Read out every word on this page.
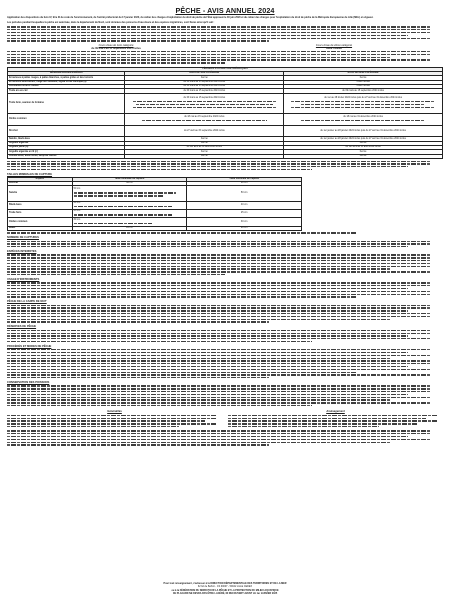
PÊCHE - AVIS ANNUEL 2024
Application des dispositions du livre IV, titre III du code de l'environnement, de l'arrêté préfectoral du 17 janvier 2020, du cahier des charges d'exploitation du droit de pêche de l'État approuvé le 30 juin 2020 et du cahier des charges pour l'exploitation du droit de pêche de la Métropole Européenne de Lille (MEL) en vigueur.
Les périodes pendant lesquelles la pêche est autorisée, dans le département du Nord, sont données des poissons d'eau douce et des espèces migratrices, sont fixées ainsi qu'il suit :
Cours d'eau de 1ère catégorie
du 09 mars au 15 septembre 2024 inclus
Cours d'eau de 2ème catégorie
toute l'année
PÉRIODES D'OUVERTURE SPÉCIFIQUES		
DÉSIGNATION DES ESPÈCES	EAUX DE 1ère CATÉGORIE	EAUX DE 2ème CATÉGORIE
Écrevisses à pattes rouges, à pattes blanches, à pattes grêles et des torrents	Fermé	Fermé
Écrevisses américaines, rouge de Louisiane, signal ou du Pacifique (a)	du 09 mars au 15 septembre 2024 inclus	Toute l'année
Grenouilles verte et rousse	du 09 mars au 15 septembre 2024 inclus	Toute l'année
Truite arc-en-ciel	du 09 mars au 15 septembre 2024 inclus	du 09 mars au 15 septembre 2024 inclus
Truite fario, saumon de fontaine	du 09 mars au 15 septembre 2024 inclus	du 1er au 28 février 2024 inclus puis du 27 avril au 31 décembre 2024 inclus

Ombre commun	du 18 mai au 15 septembre 2024 inclus	du 18 mai au 31 décembre 2024 inclus

Brochet	du 27 avril au 15 septembre 2024 inclus	du 1er janvier au 28 janvier 2024 inclus puis du 27 avril au 31 décembre 2024 inclus
Sandre, black-bass	Fermé	du 1er janvier au 28 janvier 2024 inclus puis du 27 avril au 31 décembre 2024 inclus
Anguille argentée	Fermé	Fermé
Anguille jaune (b)	du 1er avril au 31 août 2024 inclus	du 1er avril au 31 août 2024 inclus
Anguille argentée en lit (c)	Fermé	Fermé
Grande alose, alose feinte, lamproie marine	Fermé	Fermé
TAILLES MINIMALES DE CAPTURE
Espèce	Taille minimale de capture	Taille minimale de capture
Brochet	60 cm	60 cm
Sandre	50 cm	50 cm
Black-bass	40 cm	40 cm
Truite fario	25 cm	25 cm
Ombre commun	30 cm	30 cm
Mulet	20 cm	20 cm
NOMBRE DE CAPTURES
ESPÈCES INTERDITES
USAGE D'INSTRUMENTS
PÊCHE DE LA CARPE DE NUIT
RÉSERVES DE PÊCHE
PROCÉDÉS ET MODES DE PÊCHE
CONSERVATION DES POISSONS
Généralités	Aménagement
Pour tout renseignement, s'adresser à la DIRECTION DÉPARTEMENTALE DES TERRITOIRES ET DE LA MER
62 bd de Belfort - CS 90007 - 59042 LILLE CEDEX
ou à la FÉDÉRATION DU NORD POUR LA PÊCHE ET LA PROTECTION DU MILIEU AQUATIQUE
CE PLACARD NE DEVRA PAS ÊTRE LACÉRÉ, NI RECOUVERT AVANT LE 1er JANVIER 2025
